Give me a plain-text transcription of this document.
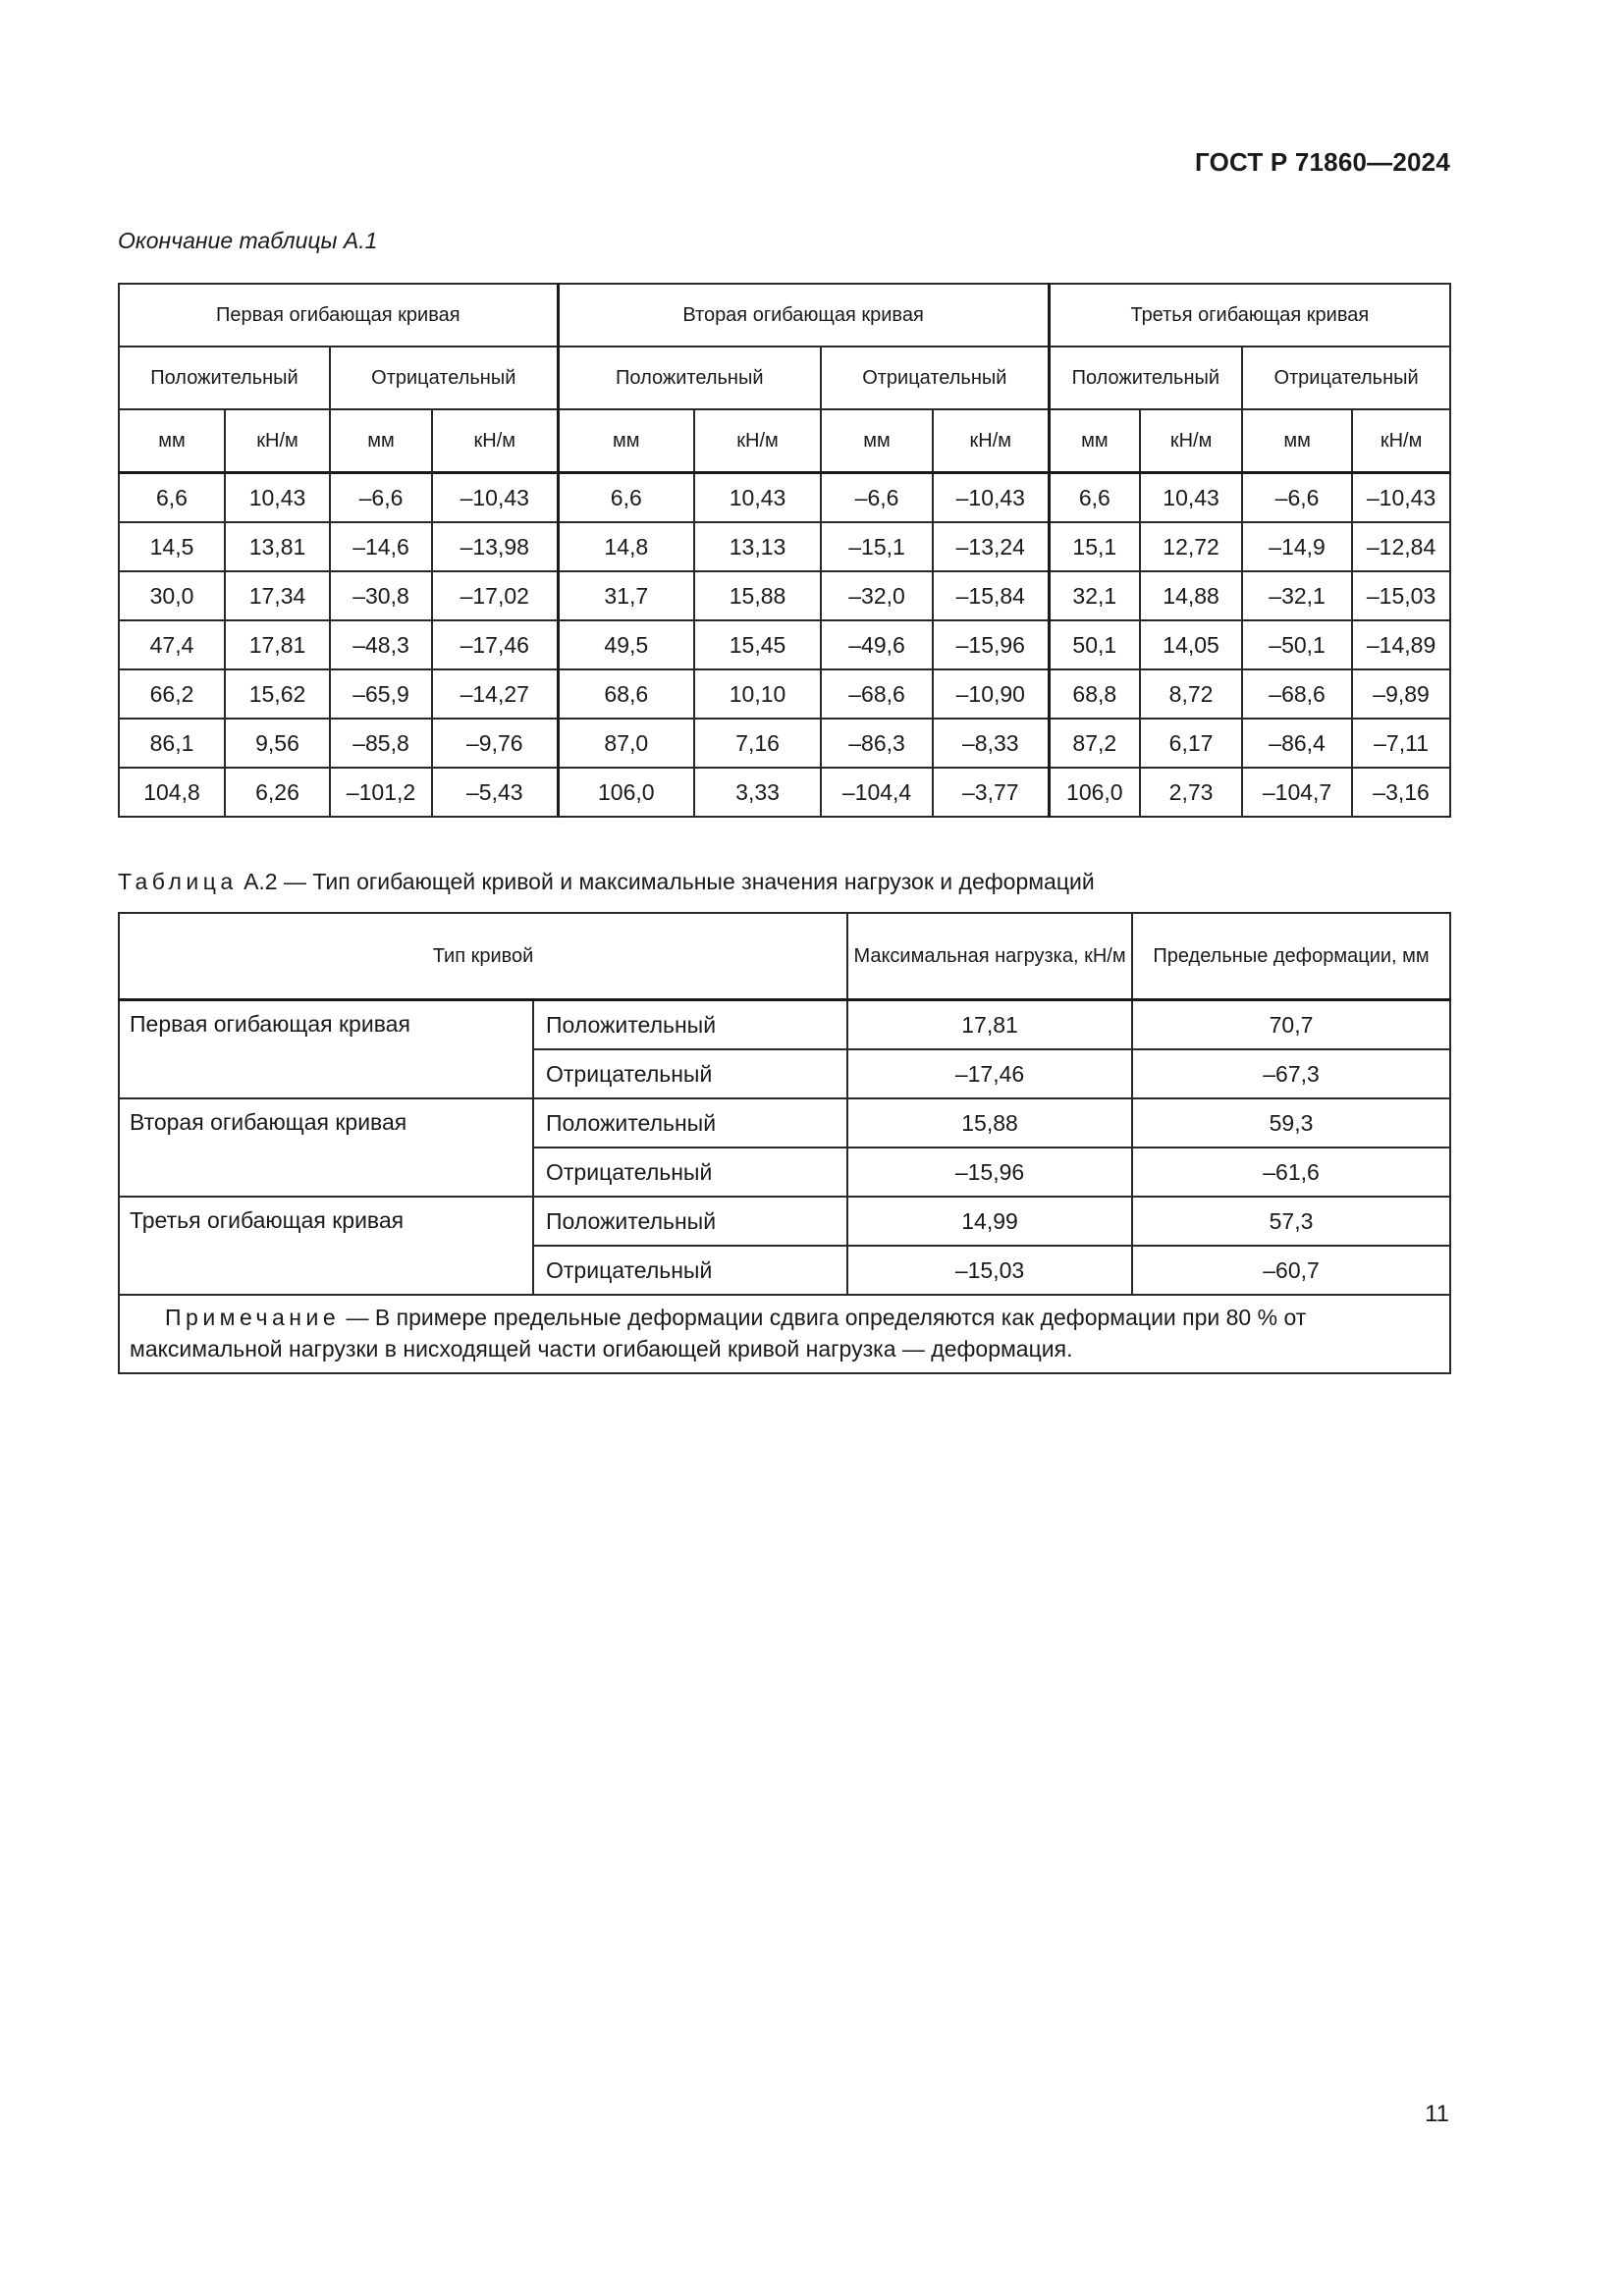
ГОСТ Р 71860—2024
Окончание таблицы А.1
Первая огибающая кривая				Вторая огибающая кривая				Третья огибающая кривая			
Положительный		Отрицательный		Положительный		Отрицательный		Положительный		Отрицательный	
мм	кН/м	мм	кН/м	мм	кН/м	мм	кН/м	мм	кН/м	мм	кН/м
6,6	10,43	–6,6	–10,43	6,6	10,43	–6,6	–10,43	6,6	10,43	–6,6	–10,43
14,5	13,81	–14,6	–13,98	14,8	13,13	–15,1	–13,24	15,1	12,72	–14,9	–12,84
30,0	17,34	–30,8	–17,02	31,7	15,88	–32,0	–15,84	32,1	14,88	–32,1	–15,03
47,4	17,81	–48,3	–17,46	49,5	15,45	–49,6	–15,96	50,1	14,05	–50,1	–14,89
66,2	15,62	–65,9	–14,27	68,6	10,10	–68,6	–10,90	68,8	8,72	–68,6	–9,89
86,1	9,56	–85,8	–9,76	87,0	7,16	–86,3	–8,33	87,2	6,17	–86,4	–7,11
104,8	6,26	–101,2	–5,43	106,0	3,33	–104,4	–3,77	106,0	2,73	–104,7	–3,16
Таблица А.2 — Тип огибающей кривой и максимальные значения нагрузок и деформаций
Тип кривой		Максимальная нагрузка, кН/м	Предельные деформации, мм
Первая огибающая кривая	Положительный	17,81	70,7
	Отрицательный	–17,46	–67,3
Вторая огибающая кривая	Положительный	15,88	59,3
	Отрицательный	–15,96	–61,6
Третья огибающая кривая	Положительный	14,99	57,3
	Отрицательный	–15,03	–60,7
Примечание — В примере предельные деформации сдвига определяются как деформации при 80 % от максимальной нагрузки в нисходящей части огибающей кривой нагрузка — деформация.			
11
